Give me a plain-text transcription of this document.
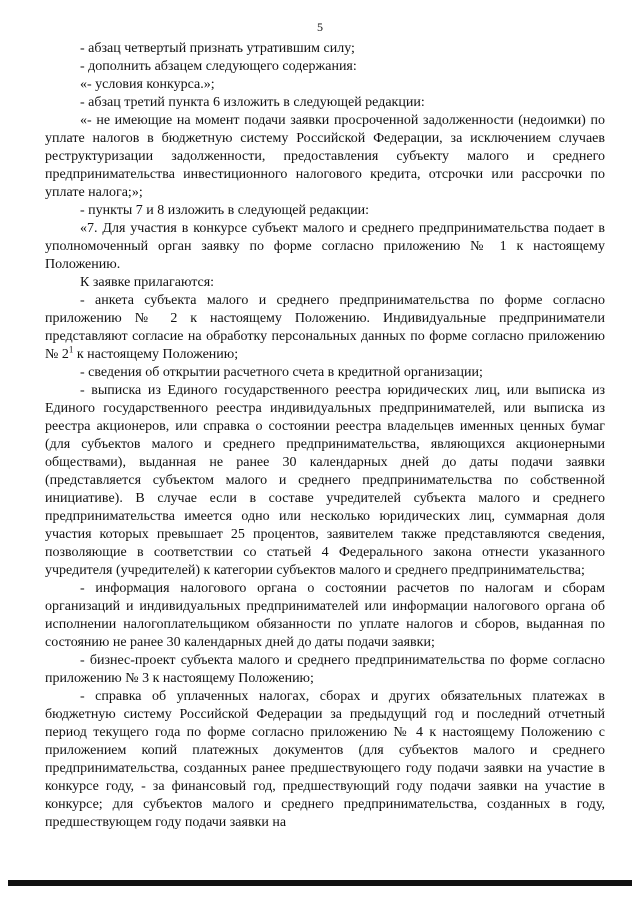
5

- абзац четвертый признать утратившим силу;

- дополнить абзацем следующего содержания:

«- условия конкурса.»;

- абзац третий пункта 6 изложить в следующей редакции:

«- не имеющие на момент подачи заявки просроченной задолженности (недоимки) по уплате налогов в бюджетную систему Российской Федерации, за исключением случаев реструктуризации задолженности, предоставления субъекту малого и среднего предпринимательства инвестиционного налогового кредита, отсрочки или рассрочки по уплате налога;»;

- пункты 7 и 8 изложить в следующей редакции:

«7. Для участия в конкурсе субъект малого и среднего предпринимательства подает в уполномоченный орган заявку по форме согласно приложению № 1 к настоящему Положению.

К заявке прилагаются:

- анкета субъекта малого и среднего предпринимательства по форме согласно приложению № 2 к настоящему Положению. Индивидуальные предприниматели представляют согласие на обработку персональных данных по форме согласно приложению № $2^1$ к настоящему Положению;

- сведения об открытии расчетного счета в кредитной организации;

- выписка из Единого государственного реестра юридических лиц, или выписка из Единого государственного реестра индивидуальных предпринимателей, или выписка из реестра акционеров, или справка о состоянии реестра владельцев именных ценных бумаг (для субъектов малого и среднего предпринимательства, являющихся акционерными обществами), выданная не ранее 30 календарных дней до даты подачи заявки (представляется субъектом малого и среднего предпринимательства по собственной инициативе). В случае если в составе учредителей субъекта малого и среднего предпринимательства имеется одно или несколько юридических лиц, суммарная доля участия которых превышает 25 процентов, заявителем также представляются сведения, позволяющие в соответствии со статьей 4 Федерального закона отнести указанного учредителя (учредителей) к категории субъектов малого и среднего предпринимательства;

- информация налогового органа о состоянии расчетов по налогам и сборам организаций и индивидуальных предпринимателей или информации налогового органа об исполнении налогоплательщиком обязанности по уплате налогов и сборов, выданная по состоянию не ранее 30 календарных дней до даты подачи заявки;

- бизнес-проект субъекта малого и среднего предпринимательства по форме согласно приложению № 3 к настоящему Положению;

- справка об уплаченных налогах, сборах и других обязательных платежах в бюджетную систему Российской Федерации за предыдущий год и последний отчетный период текущего года по форме согласно приложению № 4 к настоящему Положению с приложением копий платежных документов (для субъектов малого и среднего предпринимательства, созданных ранее предшествующего году подачи заявки на участие в конкурсе году, - за финансовый год, предшествующий году подачи заявки на участие в конкурсе; для субъектов малого и среднего предпринимательства, созданных в году, предшествующем году подачи заявки на
